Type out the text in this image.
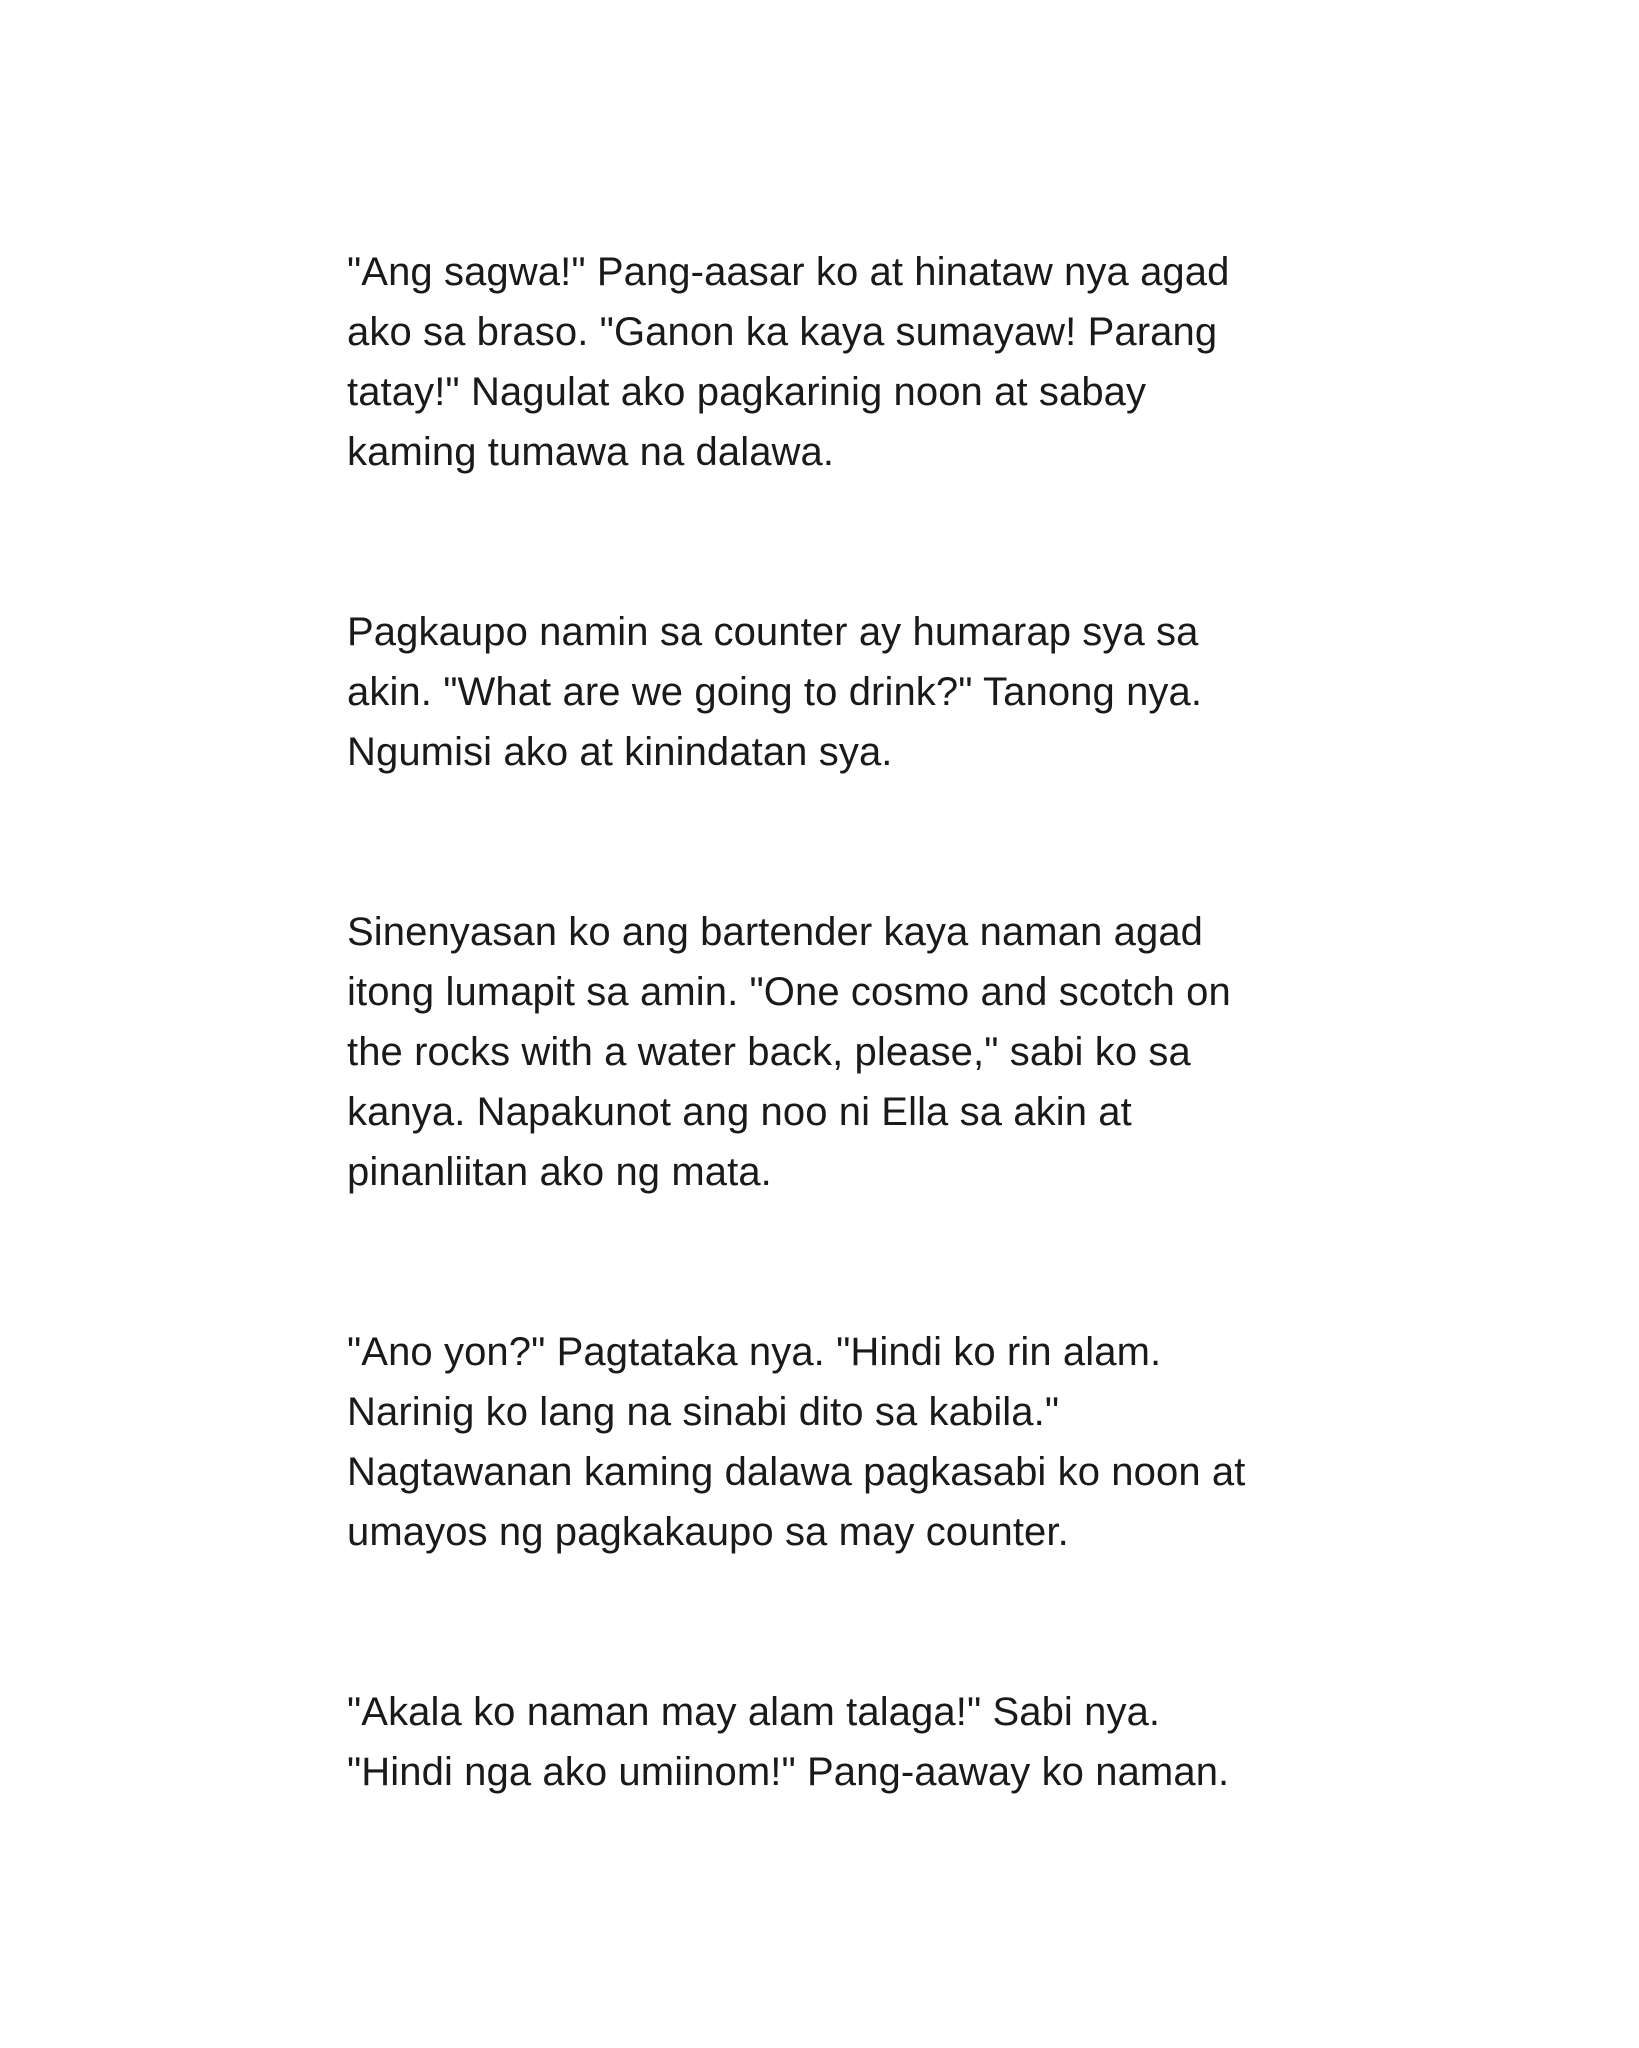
"Ang sagwa!" Pang-aasar ko at hinataw nya agad
ako sa braso. "Ganon ka kaya sumayaw! Parang
tatay!" Nagulat ako pagkarinig noon at sabay
kaming tumawa na dalawa.

Pagkaupo namin sa counter ay humarap sya sa
akin. "What are we going to drink?" Tanong nya.
Ngumisi ako at kinindatan sya.

Sinenyasan ko ang bartender kaya naman agad
itong lumapit sa amin. "One cosmo and scotch on
the rocks with a water back, please," sabi ko sa
kanya. Napakunot ang noo ni Ella sa akin at
pinanliitan ako ng mata.

"Ano yon?" Pagtataka nya. "Hindi ko rin alam.
Narinig ko lang na sinabi dito sa kabila."
Nagtawanan kaming dalawa pagkasabi ko noon at
umayos ng pagkakaupo sa may counter.

"Akala ko naman may alam talaga!" Sabi nya.
"Hindi nga ako umiinom!" Pang-aaway ko naman.
